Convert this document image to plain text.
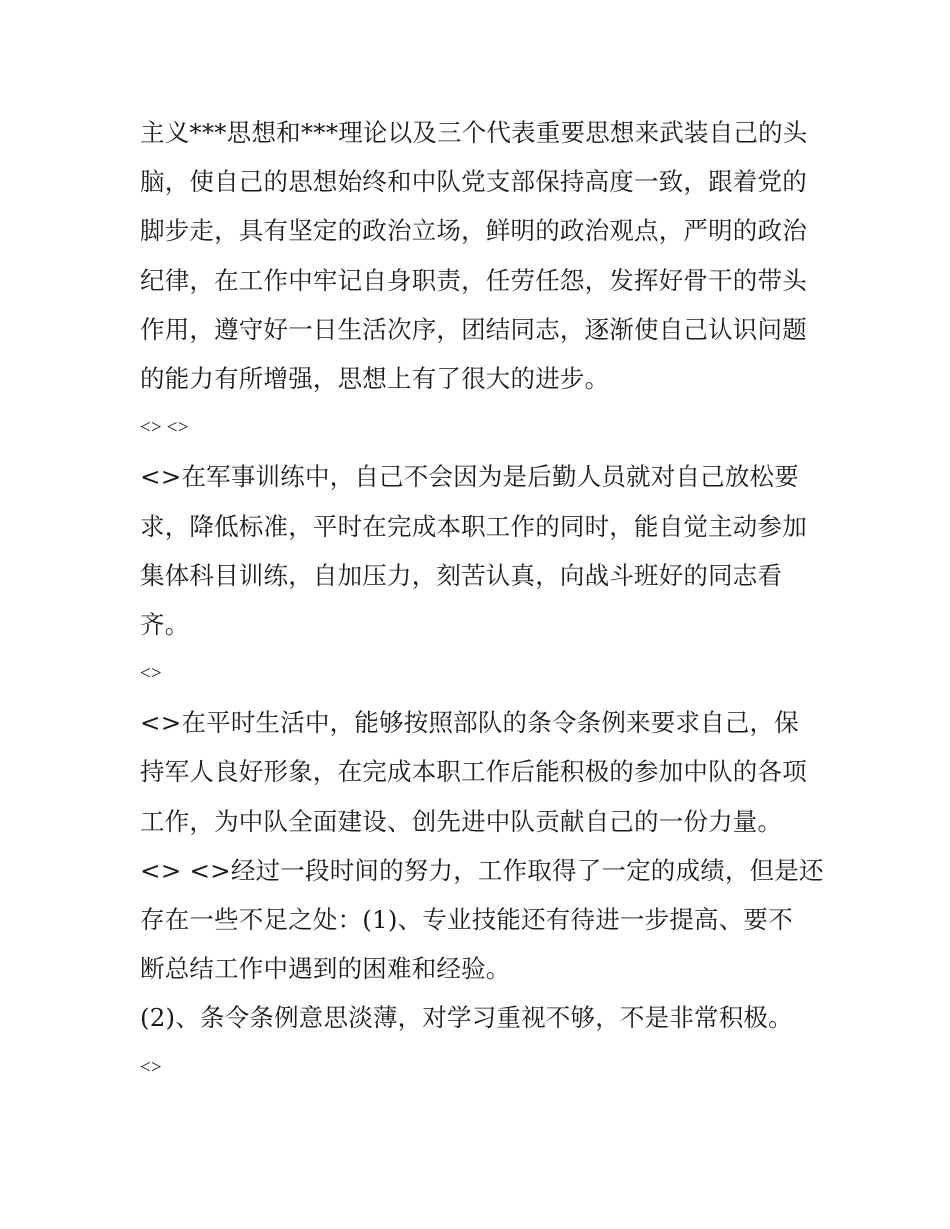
主义***思想和***理论以及三个代表重要思想来武装自己的头
脑，使自己的思想始终和中队党支部保持高度一致，跟着党的
脚步走，具有坚定的政治立场，鲜明的政治观点，严明的政治
纪律，在工作中牢记自身职责，任劳任怨，发挥好骨干的带头
作用，遵守好一日生活次序，团结同志，逐渐使自己认识问题
的能力有所增强，思想上有了很大的进步。
<> <>
<>在军事训练中，自己不会因为是后勤人员就对自己放松要
求，降低标准，平时在完成本职工作的同时，能自觉主动参加
集体科目训练，自加压力，刻苦认真，向战斗班好的同志看
齐。
<>
<>在平时生活中，能够按照部队的条令条例来要求自己，保
持军人良好形象，在完成本职工作后能积极的参加中队的各项
工作，为中队全面建设、创先进中队贡献自己的一份力量。
<> <>经过一段时间的努力，工作取得了一定的成绩，但是还
存在一些不足之处：(1)、专业技能还有待进一步提高、要不
断总结工作中遇到的困难和经验。
(2)、条令条例意思淡薄，对学习重视不够，不是非常积极。
<>
